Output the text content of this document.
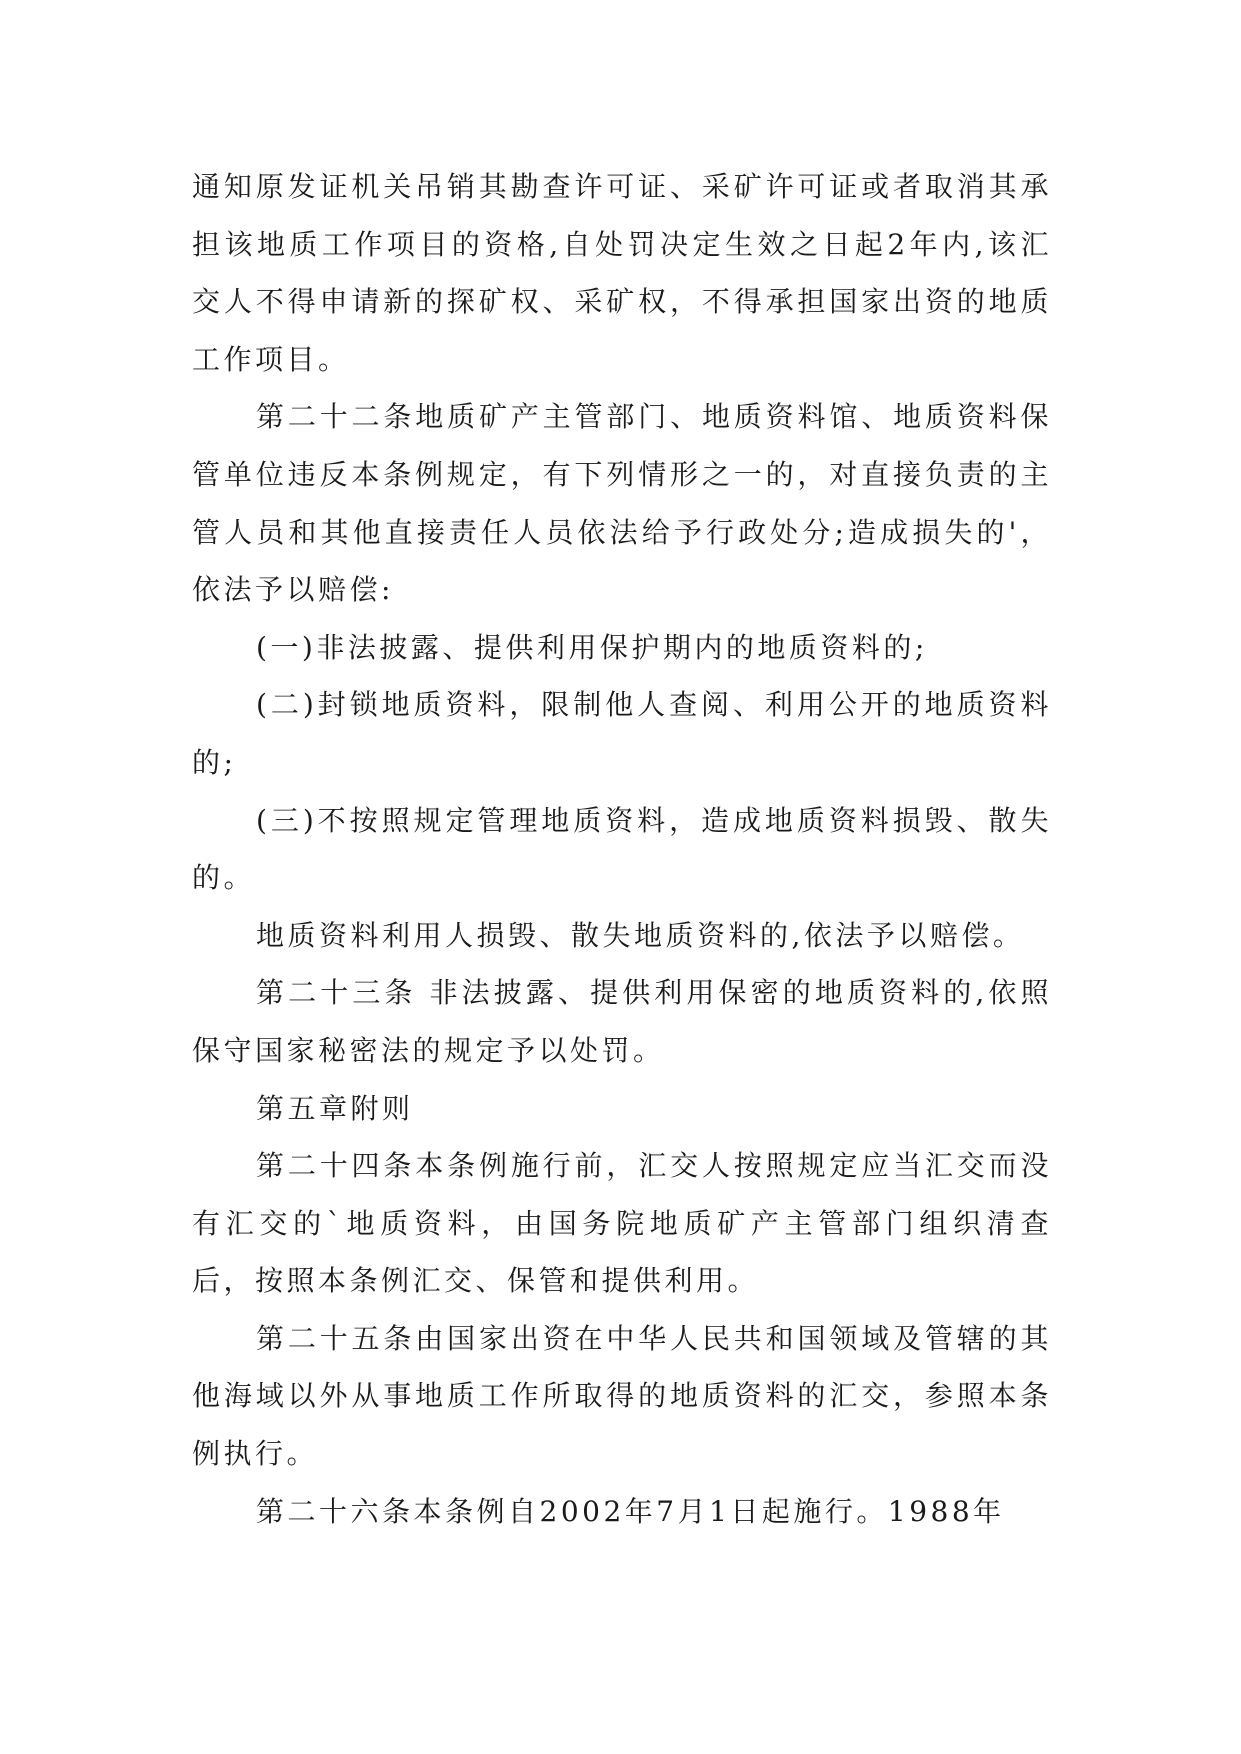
通知原发证机关吊销其勘查许可证、采矿许可证或者取消其承担该地质工作项目的资格,自处罚决定生效之日起2年内,该汇交人不得申请新的探矿权、采矿权，不得承担国家出资的地质工作项目。

第二十二条地质矿产主管部门、地质资料馆、地质资料保管单位违反本条例规定，有下列情形之一的，对直接负责的主管人员和其他直接责任人员依法给予行政处分;造成损失的'，依法予以赔偿:

(一)非法披露、提供利用保护期内的地质资料的;

(二)封锁地质资料，限制他人查阅、利用公开的地质资料的;

(三)不按照规定管理地质资料，造成地质资料损毁、散失的。

地质资料利用人损毁、散失地质资料的,依法予以赔偿。

第二十三条 非法披露、提供利用保密的地质资料的,依照保守国家秘密法的规定予以处罚。

第五章附则

第二十四条本条例施行前，汇交人按照规定应当汇交而没有汇交的`地质资料，由国务院地质矿产主管部门组织清查后，按照本条例汇交、保管和提供利用。

第二十五条由国家出资在中华人民共和国领域及管辖的其他海域以外从事地质工作所取得的地质资料的汇交，参照本条例执行。

第二十六条本条例自2002年7月1日起施行。1988年
